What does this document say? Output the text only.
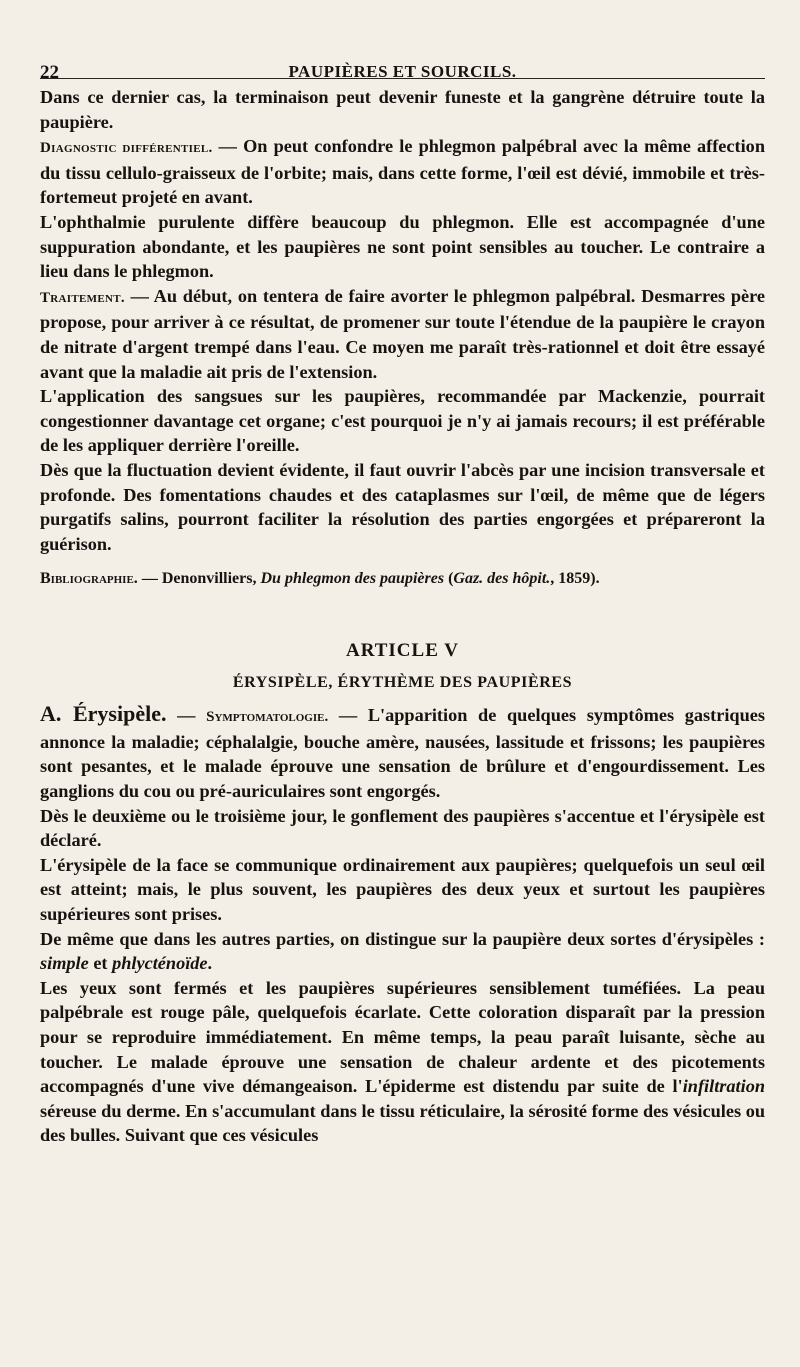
22	PAUPIÈRES ET SOURCILS.

Dans ce dernier cas, la terminaison peut devenir funeste et la gangrène détruire toute la paupière.

Diagnostic différentiel. — On peut confondre le phlegmon palpébral avec la même affection du tissu cellulo-graisseux de l'orbite; mais, dans cette forme, l'œil est dévié, immobile et très-fortemeut projeté en avant.

L'ophthalmie purulente diffère beaucoup du phlegmon. Elle est accompagnée d'une suppuration abondante, et les paupières ne sont point sensibles au toucher. Le contraire a lieu dans le phlegmon.

Traitement. — Au début, on tentera de faire avorter le phlegmon palpébral. Desmarres père propose, pour arriver à ce résultat, de promener sur toute l'étendue de la paupière le crayon de nitrate d'argent trempé dans l'eau. Ce moyen me paraît très-rationnel et doit être essayé avant que la maladie ait pris de l'extension.

L'application des sangsues sur les paupières, recommandée par Mackenzie, pourrait congestionner davantage cet organe; c'est pourquoi je n'y ai jamais recours; il est préférable de les appliquer derrière l'oreille.

Dès que la fluctuation devient évidente, il faut ouvrir l'abcès par une incision transversale et profonde. Des fomentations chaudes et des cataplasmes sur l'œil, de même que de légers purgatifs salins, pourront faciliter la résolution des parties engorgées et prépareront la guérison.

Bibliographie. — Denonvilliers, Du phlegmon des paupières (Gaz. des hôpit., 1859).

ARTICLE V
ÉRYSIPÈLE, ÉRYTHÈME DES PAUPIÈRES

A. Érysipèle. — Symptomatologie. — L'apparition de quelques symptômes gastriques annonce la maladie; céphalalgie, bouche amère, nausées, lassitude et frissons; les paupières sont pesantes, et le malade éprouve une sensation de brûlure et d'engourdissement. Les ganglions du cou ou pré-auriculaires sont engorgés.

Dès le deuxième ou le troisième jour, le gonflement des paupières s'accentue et l'érysipèle est déclaré.

L'érysipèle de la face se communique ordinairement aux paupières; quelquefois un seul œil est atteint; mais, le plus souvent, les paupières des deux yeux et surtout les paupières supérieures sont prises.

De même que dans les autres parties, on distingue sur la paupière deux sortes d'érysipèles : simple et phlycténoïde.

Les yeux sont fermés et les paupières supérieures sensiblement tuméfiées. La peau palpébrale est rouge pâle, quelquefois écarlate. Cette coloration disparaît par la pression pour se reproduire immédiatement. En même temps, la peau paraît luisante, sèche au toucher. Le malade éprouve une sensation de chaleur ardente et des picotements accompagnés d'une vive démangeaison. L'épiderme est distendu par suite de l'infiltration séreuse du derme. En s'accumulant dans le tissu réticulaire, la sérosité forme des vésicules ou des bulles. Suivant que ces vésicules
